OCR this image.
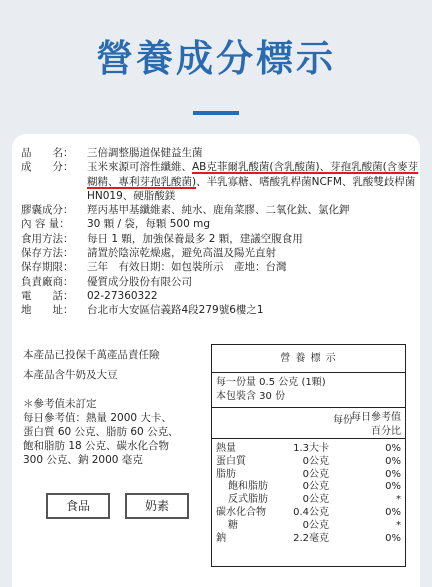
營養成分標示
品　　名：	三倍調整腸道保健益生菌
成　　分：	玉米來源可溶性纖維、AB克菲爾乳酸菌(含乳酸菌)、芽孢乳酸菌(含麥芽糊精、專利芽孢乳酸菌)、半乳寡糖、嗜酸乳桿菌NCFM、乳酸雙歧桿菌HN019、硬脂酸鎂
膠囊成分：	羥丙基甲基纖維素、純水、鹿角菜膠、二氧化鈦、氯化鉀
內 容 量：	30 顆 / 袋，每顆 500 mg
食用方法：	每日 1 顆，加強保養最多 2 顆，建議空腹食用
保存方法：	請置於陰涼乾燥處，避免高溫及陽光直射
保存期限：	三年　有效日期：如包裝所示　產地：台灣
負責廠商：	優質成分股份有限公司
電　　話：	02-27360322
地　　址：	台北市大安區信義路4段279號6樓之1
本產品已投保千萬產品責任險
本產品含牛奶及大豆
＊參考值未訂定
每日參考值：熱量 2000 大卡、
蛋白質 60 公克、脂肪 60 公克、
飽和脂肪 18 公克、碳水化合物
300 公克、鈉 2000 毫克
食品	奶素
營 養 標 示
每一份量 0.5 公克 (1顆)
本包裝含 30 份
每份
每日參考值
百分比
熱量	1.3大卡	0%
蛋白質	0公克	0%
脂肪	0公克	0%
飽和脂肪	0公克	0%
反式脂肪	0公克	*
碳水化合物	0.4公克	0%
糖	0公克	*
鈉	2.2毫克	0%
